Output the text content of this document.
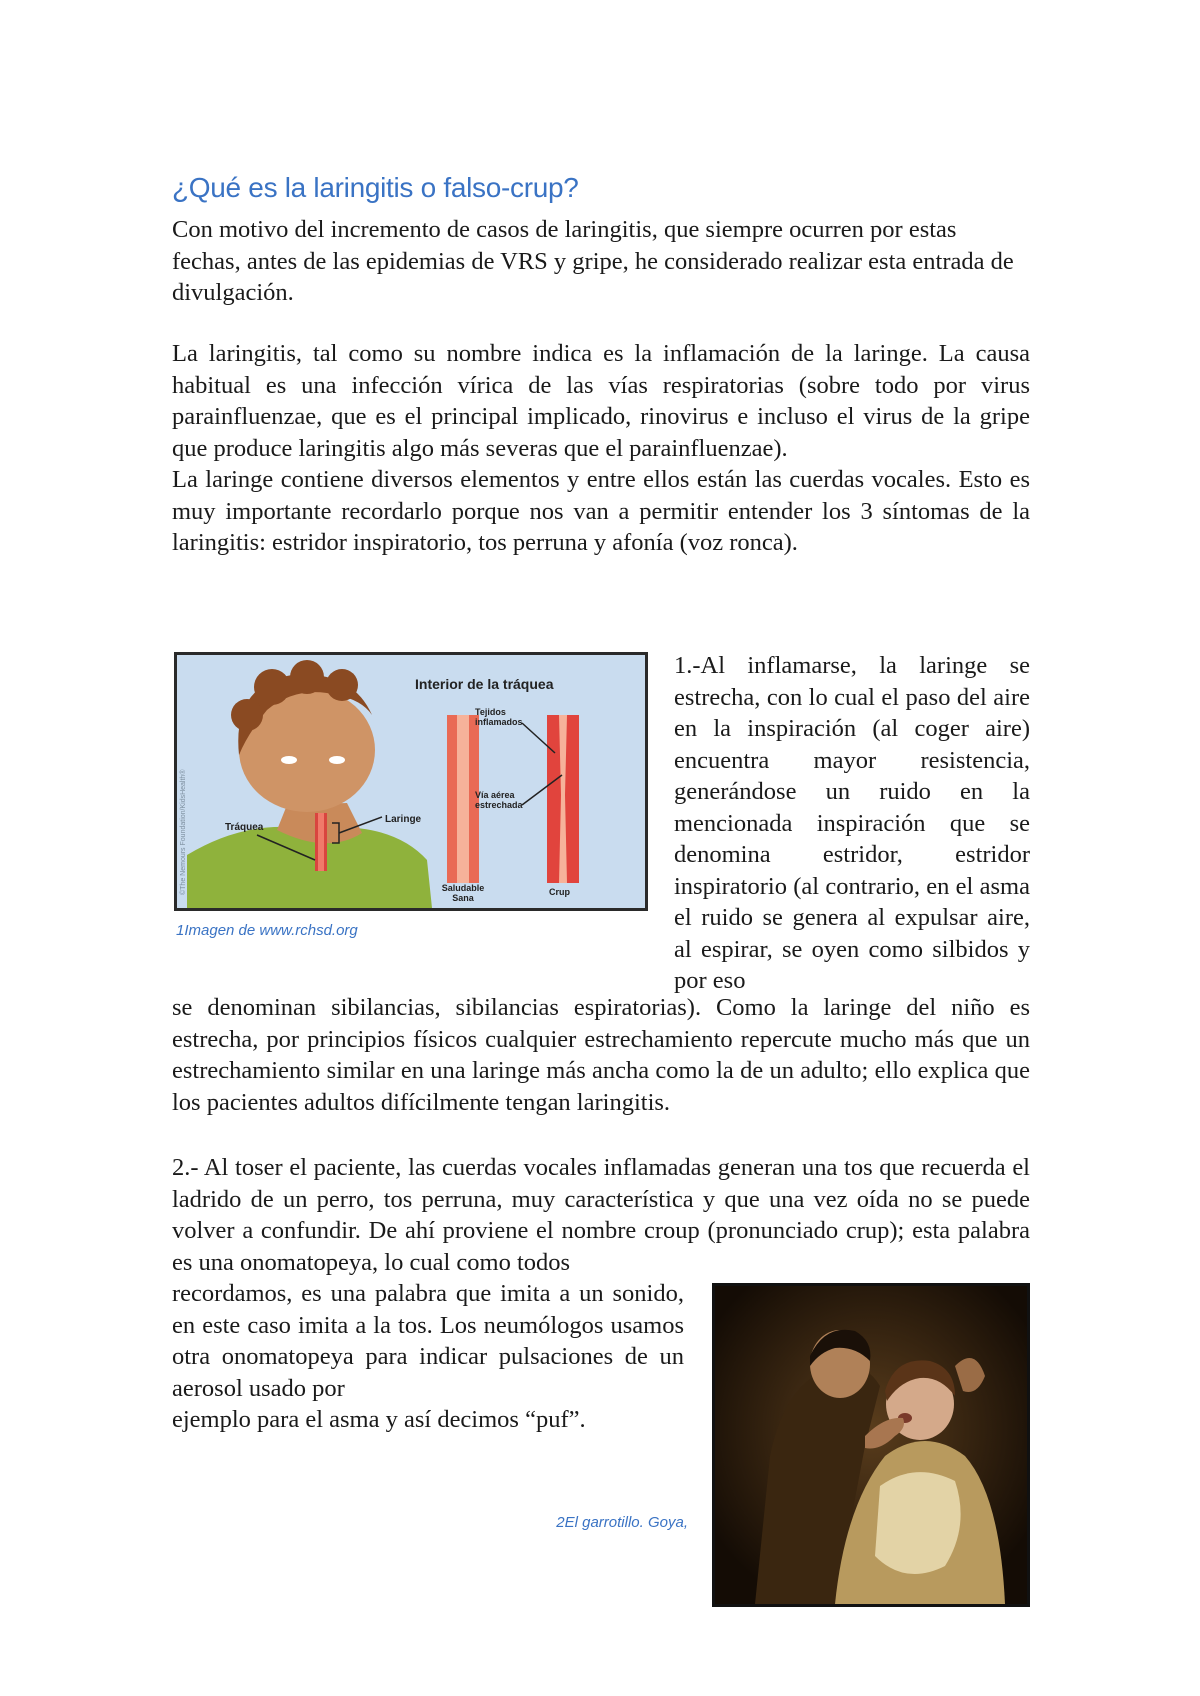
¿Qué es la laringitis o falso-crup?

Con motivo del incremento de casos de laringitis, que siempre ocurren por estas fechas, antes de las epidemias de VRS y gripe, he considerado realizar esta entrada de divulgación.

La laringitis, tal como su nombre indica es la inflamación de la laringe. La causa habitual es una infección vírica de las vías respiratorias (sobre todo por virus parainfluenzae, que es el principal implicado, rinovirus e incluso el virus de la gripe que produce laringitis algo más severas que el parainfluenzae).

La laringe contiene diversos elementos y entre ellos están las cuerdas vocales. Esto es muy importante recordarlo porque nos van a permitir entender los 3 síntomas de la laringitis: estridor inspiratorio, tos perruna y afonía (voz ronca).

Laringe
Tráquea
Interior de la tráquea
Tejidos inflamados
Vía aérea estrechada
Saludable Sana
Crup
©The Nemours Foundation/KidsHealth®
1Imagen de www.rchsd.org

1.-Al inflamarse, la laringe se estrecha, con lo cual el paso del aire en la inspiración (al coger aire) encuentra mayor resistencia, generándose un ruido en la mencionada inspiración que se denomina estridor, estridor inspiratorio (al contrario, en el asma el ruido se genera al expulsar aire, al espirar, se oyen como silbidos y por eso

se denominan sibilancias, sibilancias espiratorias). Como la laringe del niño es estrecha, por principios físicos cualquier estrechamiento repercute mucho más que un estrechamiento similar en una laringe más ancha como la de un adulto; ello explica que los pacientes adultos difícilmente tengan laringitis.

2.- Al toser el paciente, las cuerdas vocales inflamadas generan una tos que recuerda el ladrido de un perro, tos perruna, muy característica y que una vez oída no se puede volver a confundir. De ahí proviene el nombre croup (pronunciado crup); esta palabra es una onomatopeya, lo cual como todos

recordamos, es una palabra que imita a un sonido, en este caso imita a la tos. Los neumólogos usamos otra onomatopeya para indicar pulsaciones de un aerosol usado por
ejemplo para el asma y así decimos “puf”.
2El garrotillo. Goya,
